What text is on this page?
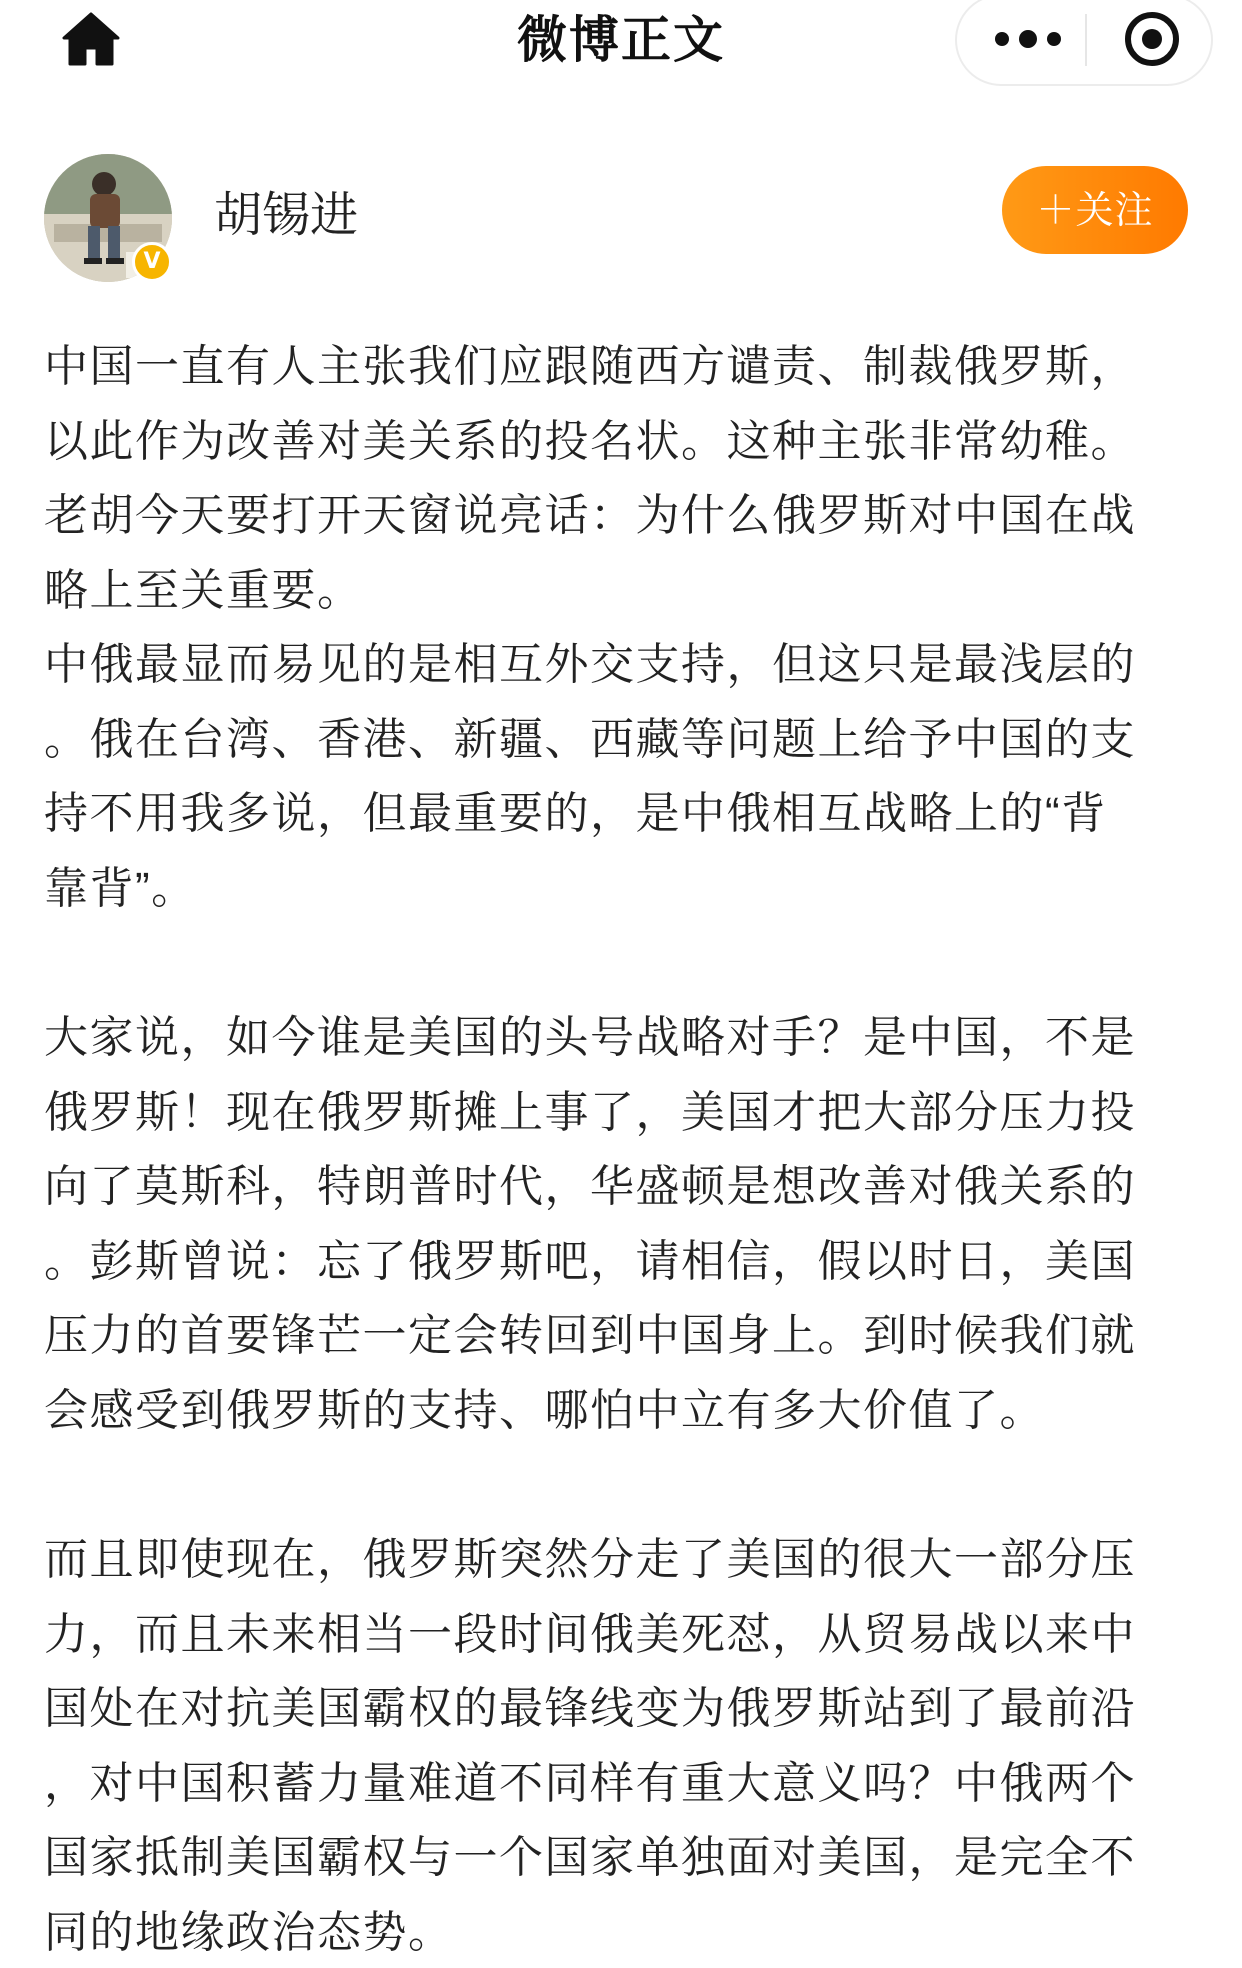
微博正文
V
胡锡进	＋关注
中国一直有人主张我们应跟随西方谴责、制裁俄罗斯，
以此作为改善对美关系的投名状。这种主张非常幼稚。
老胡今天要打开天窗说亮话：为什么俄罗斯对中国在战
略上至关重要。
中俄最显而易见的是相互外交支持，但这只是最浅层的
。俄在台湾、香港、新疆、西藏等问题上给予中国的支
持不用我多说，但最重要的，是中俄相互战略上的“背
靠背”。
大家说，如今谁是美国的头号战略对手？是中国，不是
俄罗斯！现在俄罗斯摊上事了，美国才把大部分压力投
向了莫斯科，特朗普时代，华盛顿是想改善对俄关系的
。彭斯曾说：忘了俄罗斯吧，请相信，假以时日，美国
压力的首要锋芒一定会转回到中国身上。到时候我们就
会感受到俄罗斯的支持、哪怕中立有多大价值了。
而且即使现在，俄罗斯突然分走了美国的很大一部分压
力，而且未来相当一段时间俄美死怼，从贸易战以来中
国处在对抗美国霸权的最锋线变为俄罗斯站到了最前沿
，对中国积蓄力量难道不同样有重大意义吗？中俄两个
国家抵制美国霸权与一个国家单独面对美国，是完全不
同的地缘政治态势。
